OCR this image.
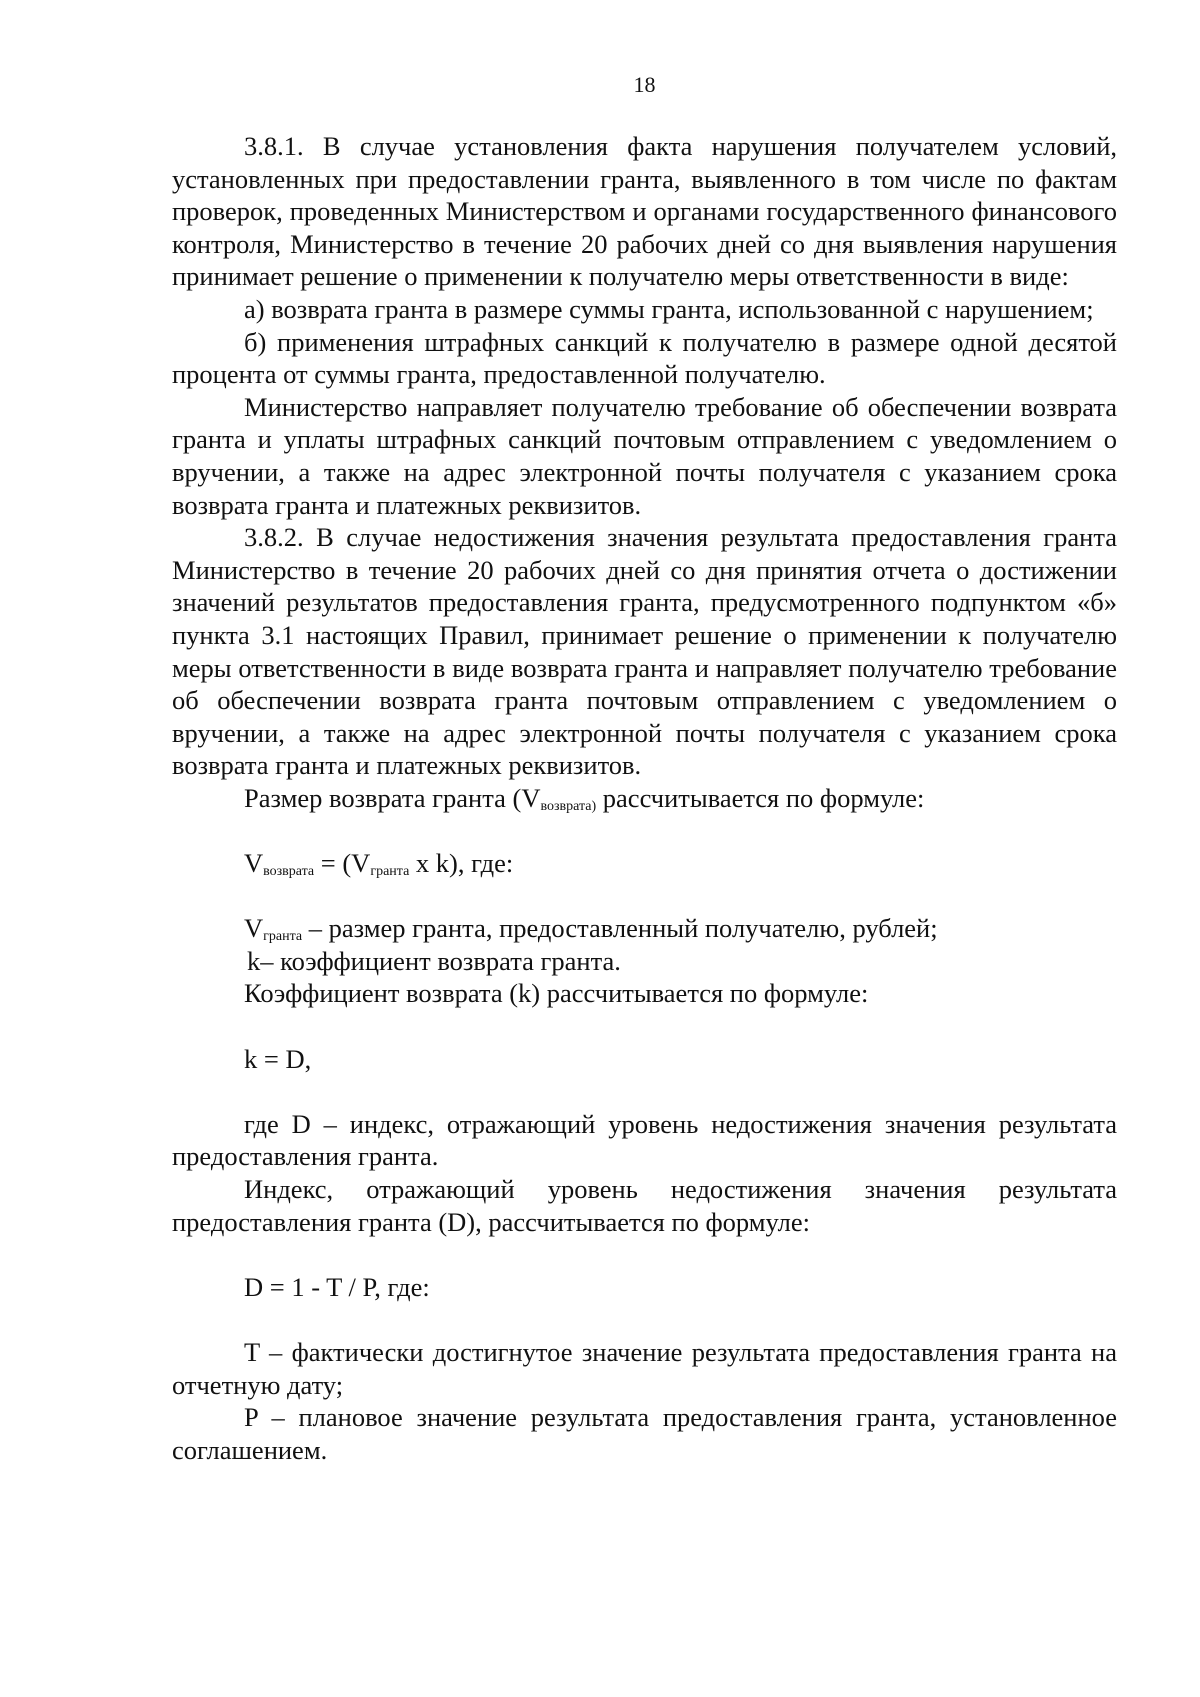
18

3.8.1. В случае установления факта нарушения получателем условий, установленных при предоставлении гранта, выявленного в том числе по фактам проверок, проведенных Министерством и органами государственного финансового контроля, Министерство в течение 20 рабочих дней со дня выявления нарушения принимает решение о применении к получателю меры ответственности в виде:

а) возврата гранта в размере суммы гранта, использованной с нарушением;

б) применения штрафных санкций к получателю в размере одной десятой процента от суммы гранта, предоставленной получателю.

Министерство направляет получателю требование об обеспечении возврата гранта и уплаты штрафных санкций почтовым отправлением с уведомлением о вручении, а также на адрес электронной почты получателя с указанием срока возврата гранта и платежных реквизитов.

3.8.2. В случае недостижения значения результата предоставления гранта Министерство в течение 20 рабочих дней со дня принятия отчета о достижении значений результатов предоставления гранта, предусмотренного подпунктом «б» пункта 3.1 настоящих Правил, принимает решение о применении к получателю меры ответственности в виде возврата гранта и направляет получателю требование об обеспечении возврата гранта почтовым отправлением с уведомлением о вручении, а также на адрес электронной почты получателя с указанием срока возврата гранта и платежных реквизитов.

Размер возврата гранта ($V_{возврата)}$ рассчитывается по формуле:

$V_{возврата} = (V_{гранта}$ x k), где:

$V_{гранта}$ – размер гранта, предоставленный получателю, рублей;

k– коэффициент возврата гранта.

Коэффициент возврата (k) рассчитывается по формуле:

k = D,

где D – индекс, отражающий уровень недостижения значения результата предоставления гранта.

Индекс, отражающий уровень недостижения значения результата предоставления гранта (D), рассчитывается по формуле:

D = 1 - T / P, где:

T – фактически достигнутое значение результата предоставления гранта на отчетную дату;

P – плановое значение результата предоставления гранта, установленное соглашением.
